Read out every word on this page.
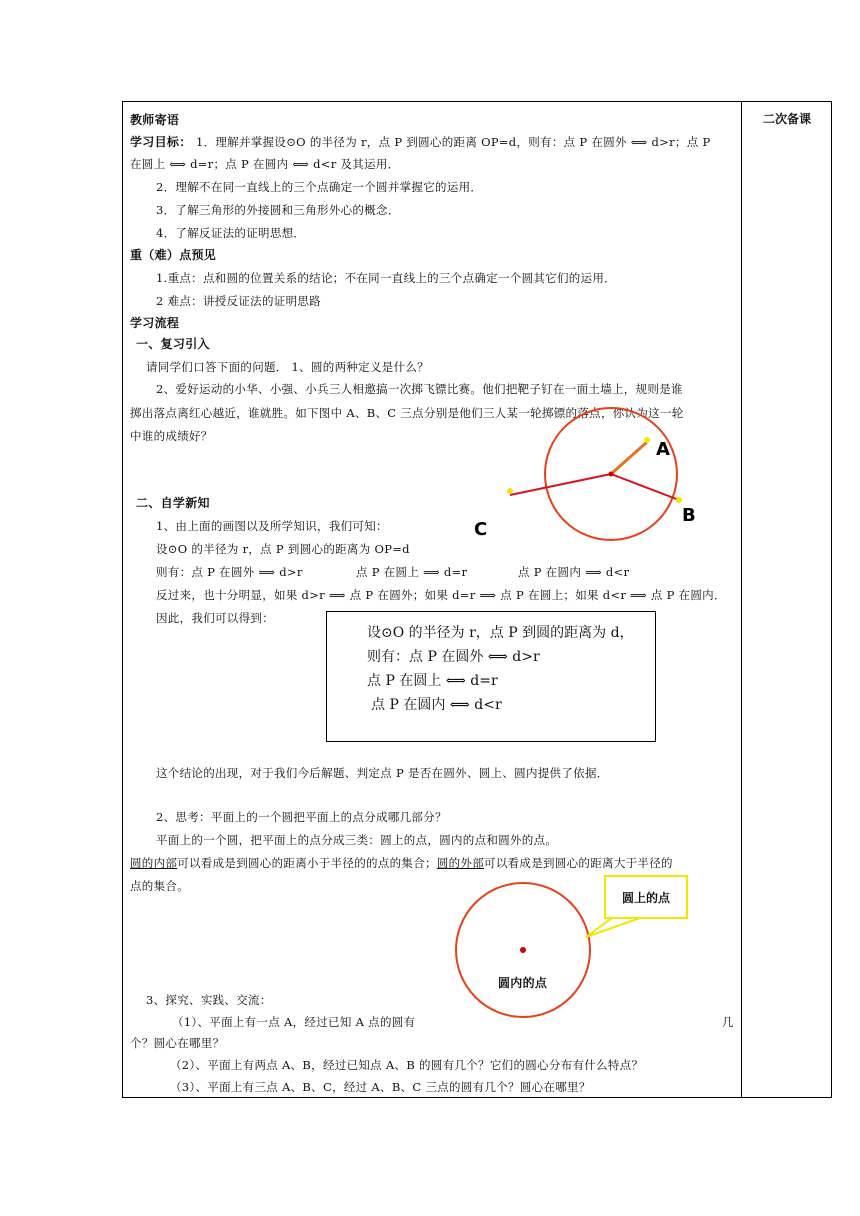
二次备课
教师寄语
学习目标： 1．理解并掌握设⊙O 的半径为 r，点 P 到圆心的距离 OP=d，则有：点 P 在圆外 ⟺ d>r；点 P
在圆上 ⟺ d=r；点 P 在圆内 ⟺ d<r 及其运用．
2．理解不在同一直线上的三个点确定一个圆并掌握它的运用．
3．了解三角形的外接圆和三角形外心的概念．
4．了解反证法的证明思想．
重（难）点预见
1.重点：点和圆的位置关系的结论；不在同一直线上的三个点确定一个圆其它们的运用．
2 难点：讲授反证法的证明思路
学习流程
一、复习引入
请同学们口答下面的问题． 1、圆的两种定义是什么？
2、爱好运动的小华、小强、小兵三人相邀搞一次掷飞镖比赛。他们把靶子钉在一面土墙上，规则是谁
掷出落点离红心越近，谁就胜。如下图中 A、B、C 三点分别是他们三人某一轮掷镖的落点，你认为这一轮
中谁的成绩好？
A
B
C
圆上的点
圆内的点
二、自学新知
1、由上面的画图以及所学知识，我们可知：
设⊙O 的半径为 r，点 P 到圆心的距离为 OP=d
则有：点 P 在圆外 ⟹ d>r	点 P 在圆上 ⟹ d=r	点 P 在圆内 ⟹ d<r
反过来，也十分明显，如果 d>r ⟹ 点 P 在圆外；如果 d=r ⟹ 点 P 在圆上；如果 d<r ⟹ 点 P 在圆内．
因此，我们可以得到：
设⊙O 的半径为 r，点 P 到圆的距离为 d，
则有：点 P 在圆外 ⟺ d>r
点 P 在圆上 ⟺ d=r
点 P 在圆内 ⟺ d<r
这个结论的出现，对于我们今后解题、判定点 P 是否在圆外、圆上、圆内提供了依据．
2、思考：平面上的一个圆把平面上的点分成哪几部分？
平面上的一个圆，把平面上的点分成三类：圆上的点，圆内的点和圆外的点。
圆的内部可以看成是到圆心的距离小于半径的的点的集合；圆的外部可以看成是到圆心的距离大于半径的
点的集合。
3、探究、实践、交流：
（1）、平面上有一点 A，经过已知 A 点的圆有	几
个？圆心在哪里？
（2）、平面上有两点 A、B，经过已知点 A、B 的圆有几个？它们的圆心分布有什么特点？
（3）、平面上有三点 A、B、C，经过 A、B、C 三点的圆有几个？圆心在哪里？
